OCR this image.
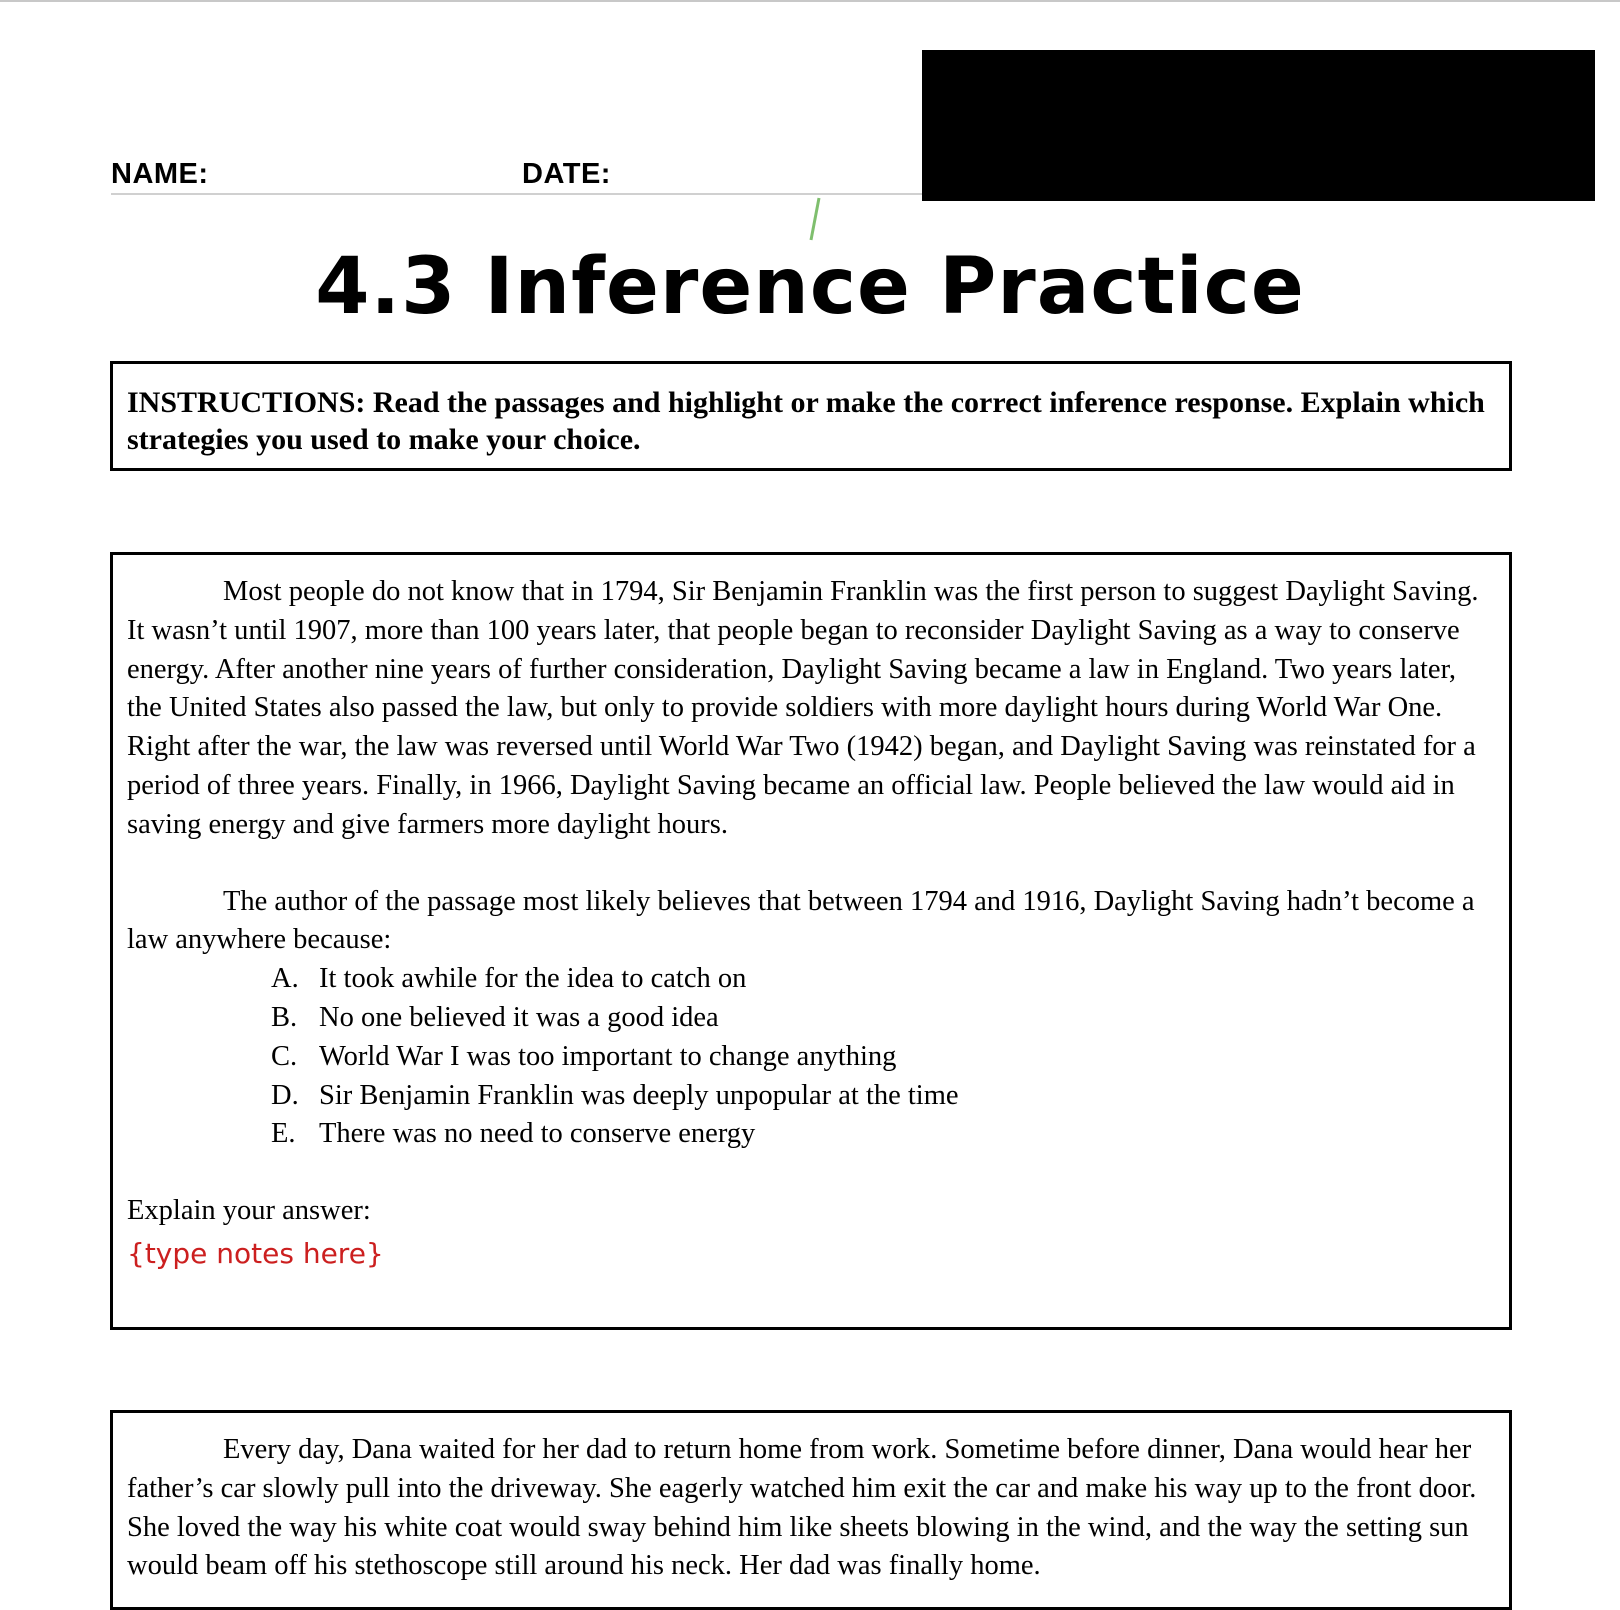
NAME:	DATE:
4.3 Inference Practice
INSTRUCTIONS: Read the passages and highlight or make the correct inference response. Explain which strategies you used to make your choice.

Most people do not know that in 1794, Sir Benjamin Franklin was the first person to suggest Daylight Saving. It wasn’t until 1907, more than 100 years later, that people began to reconsider Daylight Saving as a way to conserve energy. After another nine years of further consideration, Daylight Saving became a law in England. Two years later, the United States also passed the law, but only to provide soldiers with more daylight hours during World War One. Right after the war, the law was reversed until World War Two (1942) began, and Daylight Saving was reinstated for a period of three years. Finally, in 1966, Daylight Saving became an official law. People believed the law would aid in saving energy and give farmers more daylight hours.

The author of the passage most likely believes that between 1794 and 1916, Daylight Saving hadn’t become a law anywhere because:

A. It took awhile for the idea to catch on
B. No one believed it was a good idea
C. World War I was too important to change anything
D. Sir Benjamin Franklin was deeply unpopular at the time
E. There was no need to conserve energy

Explain your answer:

{type notes here}

Every day, Dana waited for her dad to return home from work. Sometime before dinner, Dana would hear her father’s car slowly pull into the driveway. She eagerly watched him exit the car and make his way up to the front door. She loved the way his white coat would sway behind him like sheets blowing in the wind, and the way the setting sun would beam off his stethoscope still around his neck. Her dad was finally home.
